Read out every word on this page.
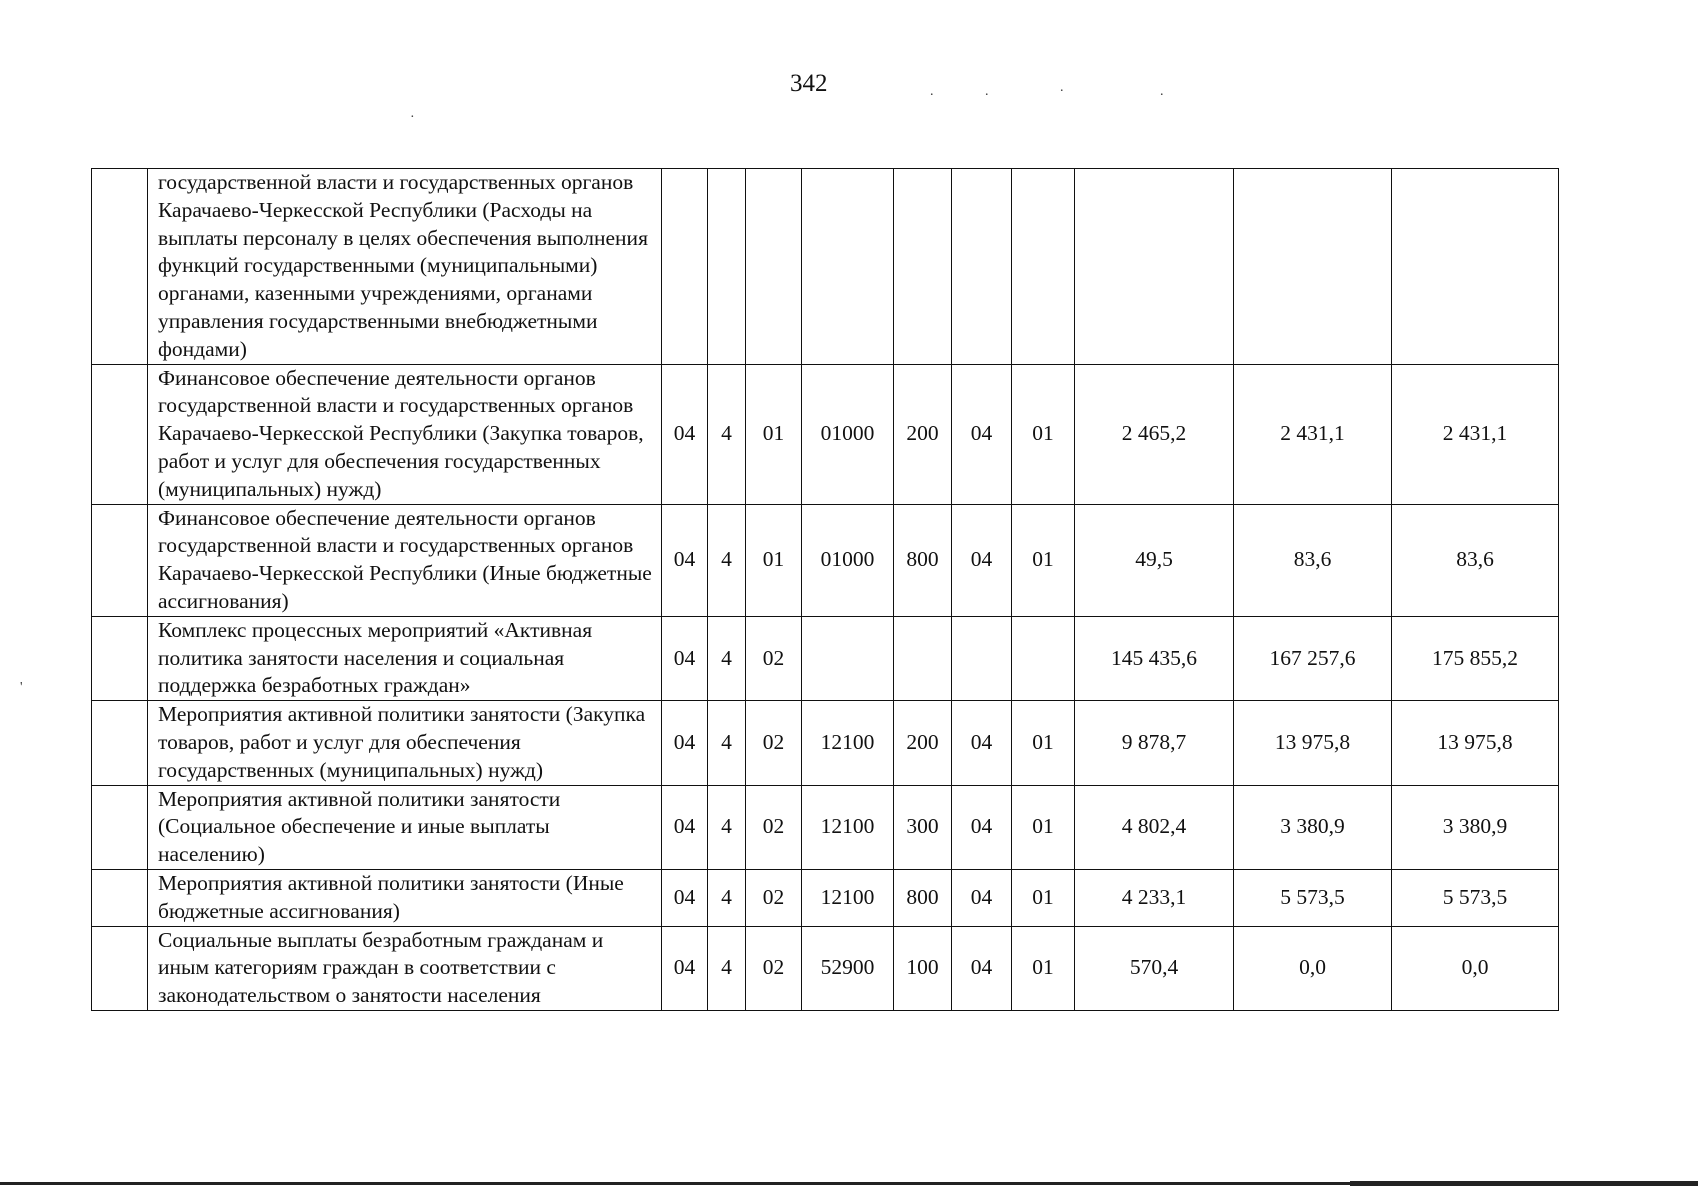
342
	государственной власти и государственных органов Карачаево-Черкесской Республики (Расходы на выплаты персоналу в целях обеспечения выполнения функций государственными (муниципальными) органами, казенными учреждениями, органами управления государственными внебюджетными фондами)										
	Финансовое обеспечение деятельности органов государственной власти и государственных органов Карачаево-Черкесской Республики (Закупка товаров, работ и услуг для обеспечения государственных (муниципальных) нужд)	04	4	01	01000	200	04	01	2 465,2	2 431,1	2 431,1
	Финансовое обеспечение деятельности органов государственной власти и государственных органов Карачаево-Черкесской Республики (Иные бюджетные ассигнования)	04	4	01	01000	800	04	01	49,5	83,6	83,6
	Комплекс процессных мероприятий «Активная политика занятости населения и социальная поддержка безработных граждан»	04	4	02					145 435,6	167 257,6	175 855,2
	Мероприятия активной политики занятости (Закупка товаров, работ и услуг для обеспечения государственных (муниципальных) нужд)	04	4	02	12100	200	04	01	9 878,7	13 975,8	13 975,8
	Мероприятия активной политики занятости (Социальное обеспечение и иные выплаты населению)	04	4	02	12100	300	04	01	4 802,4	3 380,9	3 380,9
	Мероприятия активной политики занятости (Иные бюджетные ассигнования)	04	4	02	12100	800	04	01	4 233,1	5 573,5	5 573,5
	Социальные выплаты безработным гражданам и иным категориям граждан в соответствии с законодательством о занятости населения	04	4	02	52900	100	04	01	570,4	0,0	0,0
·
.	.	.	.
'
